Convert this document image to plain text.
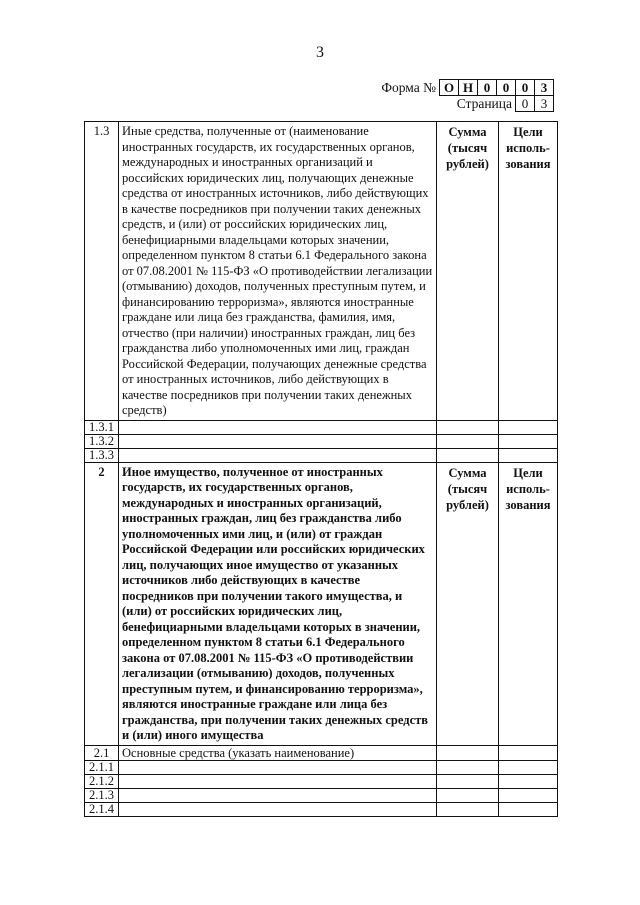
3
Форма № О Н 0 0 0 3
Страница 0 3
1.3	Иные средства, полученные от (наименование иностранных государств, их государственных органов, международных и иностранных организаций и российских юридических лиц, получающих денежные средства от иностранных источников, либо действующих в качестве посредников при получении таких денежных средств, и (или) от российских юридических лиц, бенефициарными владельцами которых значении, определенном пунктом 8 статьи 6.1 Федерального закона от 07.08.2001 № 115-ФЗ «О противодействии легализации (отмыванию) доходов, полученных преступным путем, и финансированию терроризма», являются иностранные граждане или лица без гражданства, фамилия, имя, отчество (при наличии) иностранных граждан, лиц без гражданства либо уполномоченных ими лиц, граждан Российской Федерации, получающих денежные средства от иностранных источников, либо действующих в качестве посредников при получении таких денежных средств)	Сумма (тысяч рублей)	Цели исполь-зования
1.3.1			
1.3.2			
1.3.3			
2	Иное имущество, полученное от иностранных государств, их государственных органов, международных и иностранных организаций, иностранных граждан, лиц без гражданства либо уполномоченных ими лиц, и (или) от граждан Российской Федерации или российских юридических лиц, получающих иное имущество от указанных источников либо действующих в качестве посредников при получении такого имущества, и (или) от российских юридических лиц, бенефициарными владельцами которых в значении, определенном пунктом 8 статьи 6.1 Федерального закона от 07.08.2001 № 115-ФЗ «О противодействии легализации (отмыванию) доходов, полученных преступным путем, и финансированию терроризма», являются иностранные граждане или лица без гражданства, при получении таких денежных средств и (или) иного имущества	Сумма (тысяч рублей)	Цели исполь-зования
2.1	Основные средства (указать наименование)		
2.1.1			
2.1.2			
2.1.3			
2.1.4			
